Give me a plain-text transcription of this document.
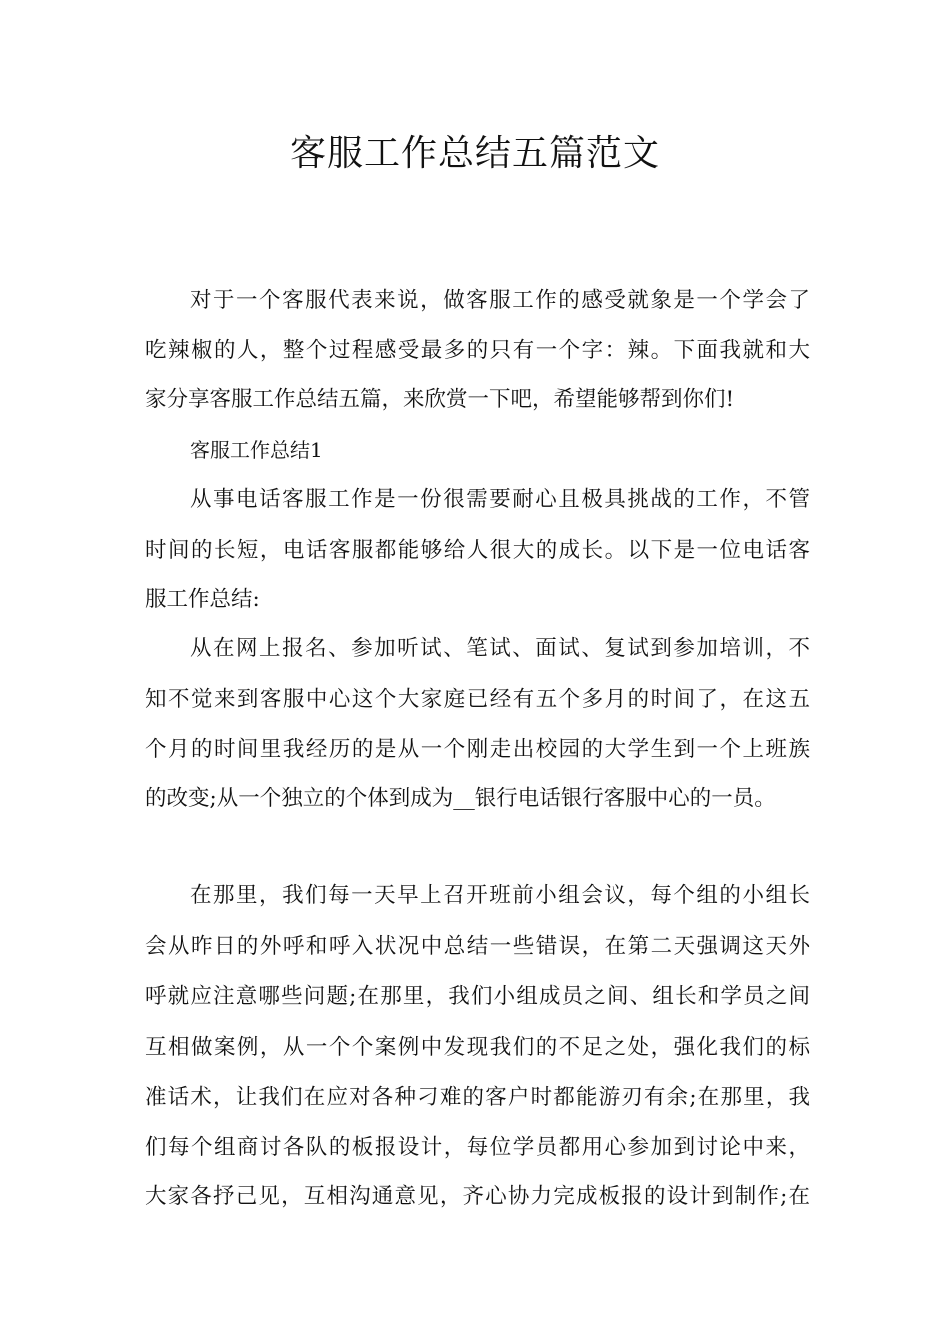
客服工作总结五篇范文
对于一个客服代表来说，做客服工作的感受就象是一个学会了
吃辣椒的人，整个过程感受最多的只有一个字：辣。下面我就和大
家分享客服工作总结五篇，来欣赏一下吧，希望能够帮到你们!
客服工作总结1
从事电话客服工作是一份很需要耐心且极具挑战的工作，不管
时间的长短，电话客服都能够给人很大的成长。以下是一位电话客
服工作总结:
从在网上报名、参加听试、笔试、面试、复试到参加培训，不
知不觉来到客服中心这个大家庭已经有五个多月的时间了，在这五
个月的时间里我经历的是从一个刚走出校园的大学生到一个上班族
的改变;从一个独立的个体到成为__银行电话银行客服中心的一员。
在那里，我们每一天早上召开班前小组会议，每个组的小组长
会从昨日的外呼和呼入状况中总结一些错误，在第二天强调这天外
呼就应注意哪些问题;在那里，我们小组成员之间、组长和学员之间
互相做案例，从一个个案例中发现我们的不足之处，强化我们的标
准话术，让我们在应对各种刁难的客户时都能游刃有余;在那里，我
们每个组商讨各队的板报设计，每位学员都用心参加到讨论中来，
大家各抒己见，互相沟通意见，齐心协力完成板报的设计到制作;在
